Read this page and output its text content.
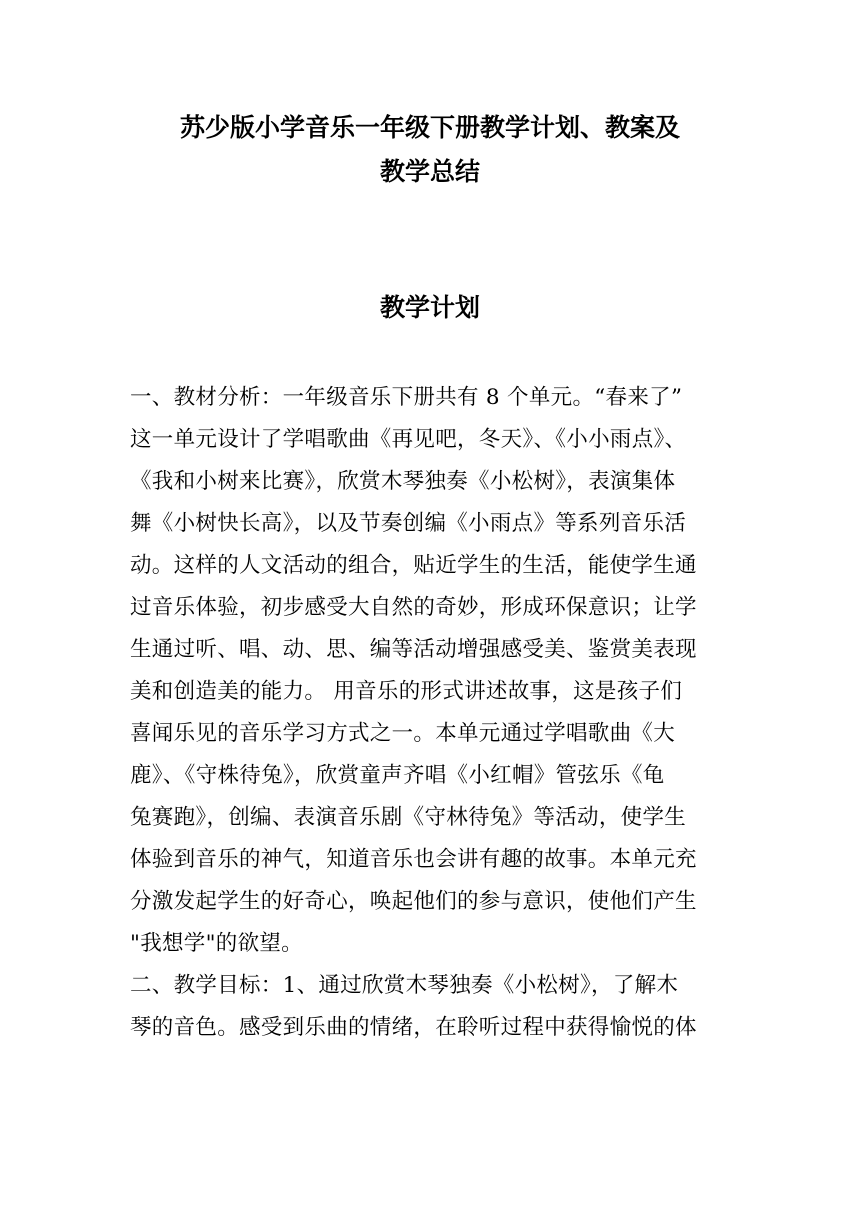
苏少版小学音乐一年级下册教学计划、教案及
教学总结
教学计划
一、教材分析：一年级音乐下册共有 8 个单元。“春来了”
这一单元设计了学唱歌曲《再见吧，冬天》、《小小雨点》、
《我和小树来比赛》，欣赏木琴独奏《小松树》，表演集体
舞《小树快长高》，以及节奏创编《小雨点》等系列音乐活
动。这样的人文活动的组合，贴近学生的生活，能使学生通
过音乐体验，初步感受大自然的奇妙，形成环保意识；让学
生通过听、唱、动、思、编等活动增强感受美、鉴赏美表现
美和创造美的能力。 用音乐的形式讲述故事，这是孩子们
喜闻乐见的音乐学习方式之一。本单元通过学唱歌曲《大
鹿》、《守株待兔》，欣赏童声齐唱《小红帽》管弦乐《龟
兔赛跑》，创编、表演音乐剧《守林待兔》等活动，使学生
体验到音乐的神气，知道音乐也会讲有趣的故事。本单元充
分激发起学生的好奇心，唤起他们的参与意识，使他们产生
"我想学"的欲望。
二、教学目标：1、通过欣赏木琴独奏《小松树》，了解木
琴的音色。感受到乐曲的情绪，在聆听过程中获得愉悦的体
